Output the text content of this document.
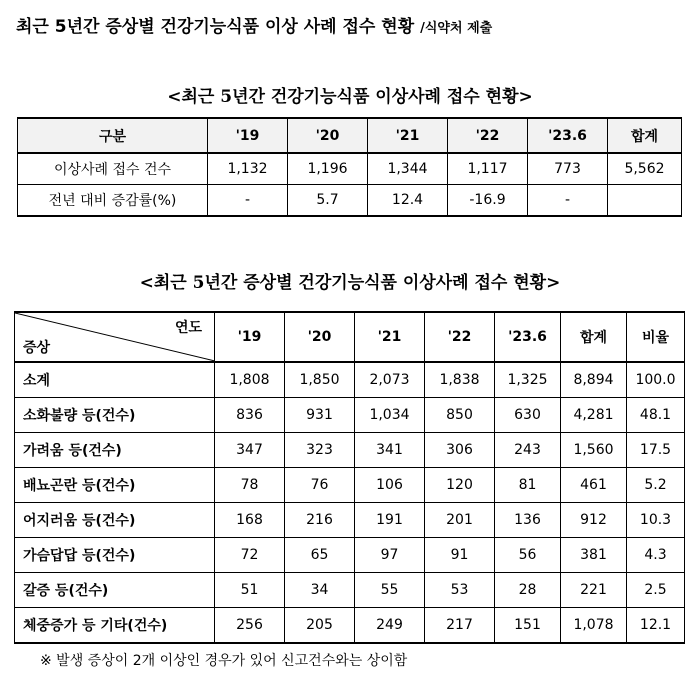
최근 5년간 증상별 건강기능식품 이상 사례 접수 현황 /식약처 제출
<최근 5년간 건강기능식품 이상사례 접수 현황>
구분	'19	'20	'21	'22	'23.6	합계
이상사례 접수 건수	1,132	1,196	1,344	1,117	773	5,562
전년 대비 증감률(%)	-	5.7	12.4	-16.9	-	
<최근 5년간 증상별 건강기능식품 이상사례 접수 현황>
연도
증상	'19	'20	'21	'22	'23.6	합계	비율
소계	1,808	1,850	2,073	1,838	1,325	8,894	100.0
소화불량 등(건수)	836	931	1,034	850	630	4,281	48.1
가려움 등(건수)	347	323	341	306	243	1,560	17.5
배뇨곤란 등(건수)	78	76	106	120	81	461	5.2
어지러움 등(건수)	168	216	191	201	136	912	10.3
가슴답답 등(건수)	72	65	97	91	56	381	4.3
갈증 등(건수)	51	34	55	53	28	221	2.5
체중증가 등 기타(건수)	256	205	249	217	151	1,078	12.1
※ 발생 증상이 2개 이상인 경우가 있어 신고건수와는 상이함
